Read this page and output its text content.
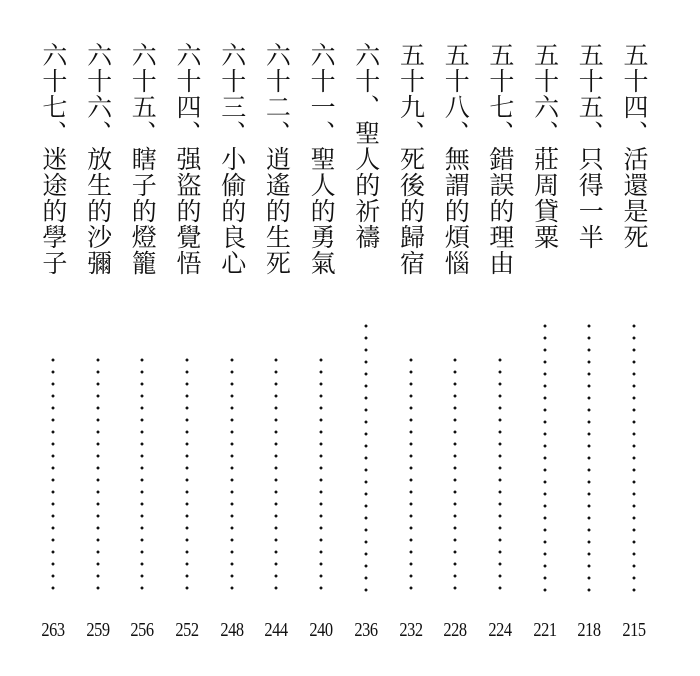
五十四、活還是死
215
五十五、只得一半
218
五十六、莊周貸粟
221
五十七、錯誤的理由
224
五十八、無謂的煩惱
228
五十九、死後的歸宿
232
六十、聖人的祈禱
236
六十一、聖人的勇氣
240
六十二、逍遙的生死
244
六十三、小偷的良心
248
六十四、强盜的覺悟
252
六十五、瞎子的燈籠
256
六十六、放生的沙彌
259
六十七、迷途的學子
263
